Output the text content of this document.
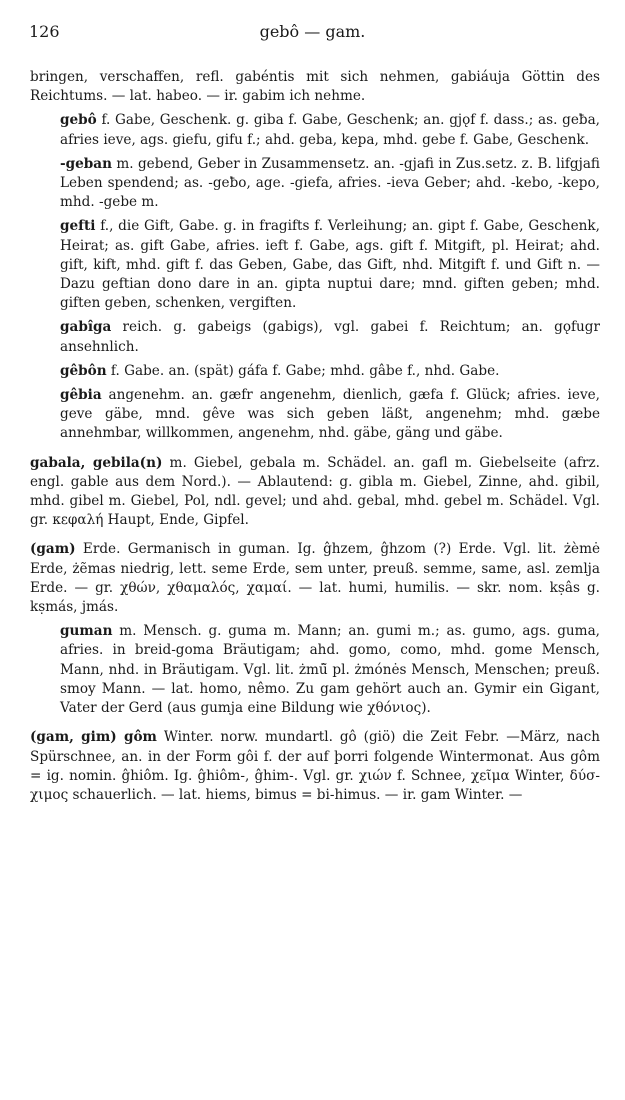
126	gebô — gam.

bringen, verschaffen, refl. gabéntis mit sich nehmen, gabiáuja Göttin des Reichtums. — lat. habeo. — ir. gabim ich nehme.

gebô f. Gabe, Geschenk. g. giba f. Gabe, Geschenk; an. gjǫf f. dass.; as. geƀa, afries ieve, ags. giefu, gifu f.; ahd. geba, kepa, mhd. gebe f. Gabe, Geschenk.

-geban m. gebend, Geber in Zusammensetz. an. -gjafi in Zus.setz. z. B. lifgjafi Leben spendend; as. -geƀo, age. -giefa, afries. -ieva Geber; ahd. -kebo, -kepo, mhd. -gebe m.

gefti f., die Gift, Gabe. g. in fragifts f. Verleihung; an. gipt f. Gabe, Geschenk, Heirat; as. gift Gabe, afries. ieft f. Gabe, ags. gift f. Mitgift, pl. Heirat; ahd. gift, kift, mhd. gift f. das Geben, Gabe, das Gift, nhd. Mitgift f. und Gift n. — Dazu geftian dono dare in an. gipta nuptui dare; mnd. giften geben; mhd. giften geben, schenken, vergiften.

gabîga reich. g. gabeigs (gabigs), vgl. gabei f. Reichtum; an. gǫfugr ansehnlich.

gêbôn f. Gabe. an. (spät) gáfa f. Gabe; mhd. gâbe f., nhd. Gabe.

gêbia angenehm. an. gæfr angenehm, dienlich, gæfa f. Glück; afries. ieve, geve gäbe, mnd. gêve was sich geben läßt, angenehm; mhd. gæbe annehmbar, willkommen, angenehm, nhd. gäbe, gäng und gäbe.

gabala, gebila(n) m. Giebel, gebala m. Schädel. an. gafl m. Giebelseite (afrz. engl. gable aus dem Nord.). — Ablautend: g. gibla m. Giebel, Zinne, ahd. gibil, mhd. gibel m. Giebel, Pol, ndl. gevel; und ahd. gebal, mhd. gebel m. Schädel. Vgl. gr. κεφαλή Haupt, Ende, Gipfel.

(gam) Erde. Germanisch in guman. Ig. ĝhzem, ĝhzom (?) Erde. Vgl. lit. żèmė Erde, żẽmas niedrig, lett. seme Erde, sem unter, preuß. semme, same, asl. zemlja Erde. — gr. χθών, χθαμαλός, χαμαί. — lat. humi, humilis. — skr. nom. kṣâs g. kṣmás, jmás.

guman m. Mensch. g. guma m. Mann; an. gumi m.; as. gumo, ags. guma, afries. in breid-goma Bräutigam; ahd. gomo, como, mhd. gome Mensch, Mann, nhd. in Bräutigam. Vgl. lit. żmū̃ pl. żmónės Mensch, Menschen; preuß. smoy Mann. — lat. homo, nêmo. Zu gam gehört auch an. Gymir ein Gigant, Vater der Gerd (aus gumja eine Bildung wie χθόνιος).

(gam, gim) gôm Winter. norw. mundartl. gô (giö) die Zeit Febr. —März, nach Spürschnee, an. in der Form gôi f. der auf þorri folgende Wintermonat. Aus gôm = ig. nomin. ĝhiôm. Ig. ĝhiôm-, ĝhim-. Vgl. gr. χιών f. Schnee, χεῖμα Winter, δύσ-χιμος schauerlich. — lat. hiems, bimus = bi-himus. — ir. gam Winter. —
